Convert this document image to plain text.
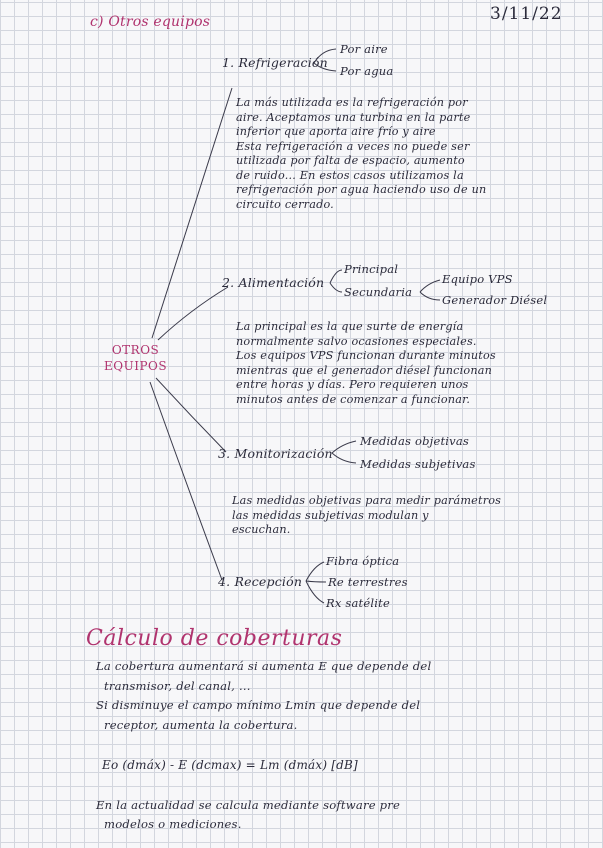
3/11/22
c) Otros equipos
OTROS
EQUIPOS
1. Refrigeración
Por aire
Por agua
La más utilizada es la refrigeración por
aire. Aceptamos una turbina en la parte
inferior que aporta aire frío y aire
Esta refrigeración a veces no puede ser
utilizada por falta de espacio, aumento
de ruido... En estos casos utilizamos la
refrigeración por agua haciendo uso de un
circuito cerrado.
2. Alimentación
Principal
Secundaria
Equipo VPS
Generador Diésel
La principal es la que surte de energía
normalmente salvo ocasiones especiales.
Los equipos VPS funcionan durante minutos
mientras que el generador diésel funcionan
entre horas y días. Pero requieren unos
minutos antes de comenzar a funcionar.
3. Monitorización
Medidas objetivas
Medidas subjetivas
Las medidas objetivas para medir parámetros
las medidas subjetivas modulan y
escuchan.
4. Recepción
Fibra óptica
Re terrestres
Rx satélite
Cálculo de coberturas
La cobertura aumentará si aumenta E que depende del
transmisor, del canal, ...
Si disminuye el campo mínimo Lmin que depende del
receptor, aumenta la cobertura.
Eo (dmáx) - E (dcmax) = Lm (dmáx) [dB]
En la actualidad se calcula mediante software pre
modelos o mediciones.
